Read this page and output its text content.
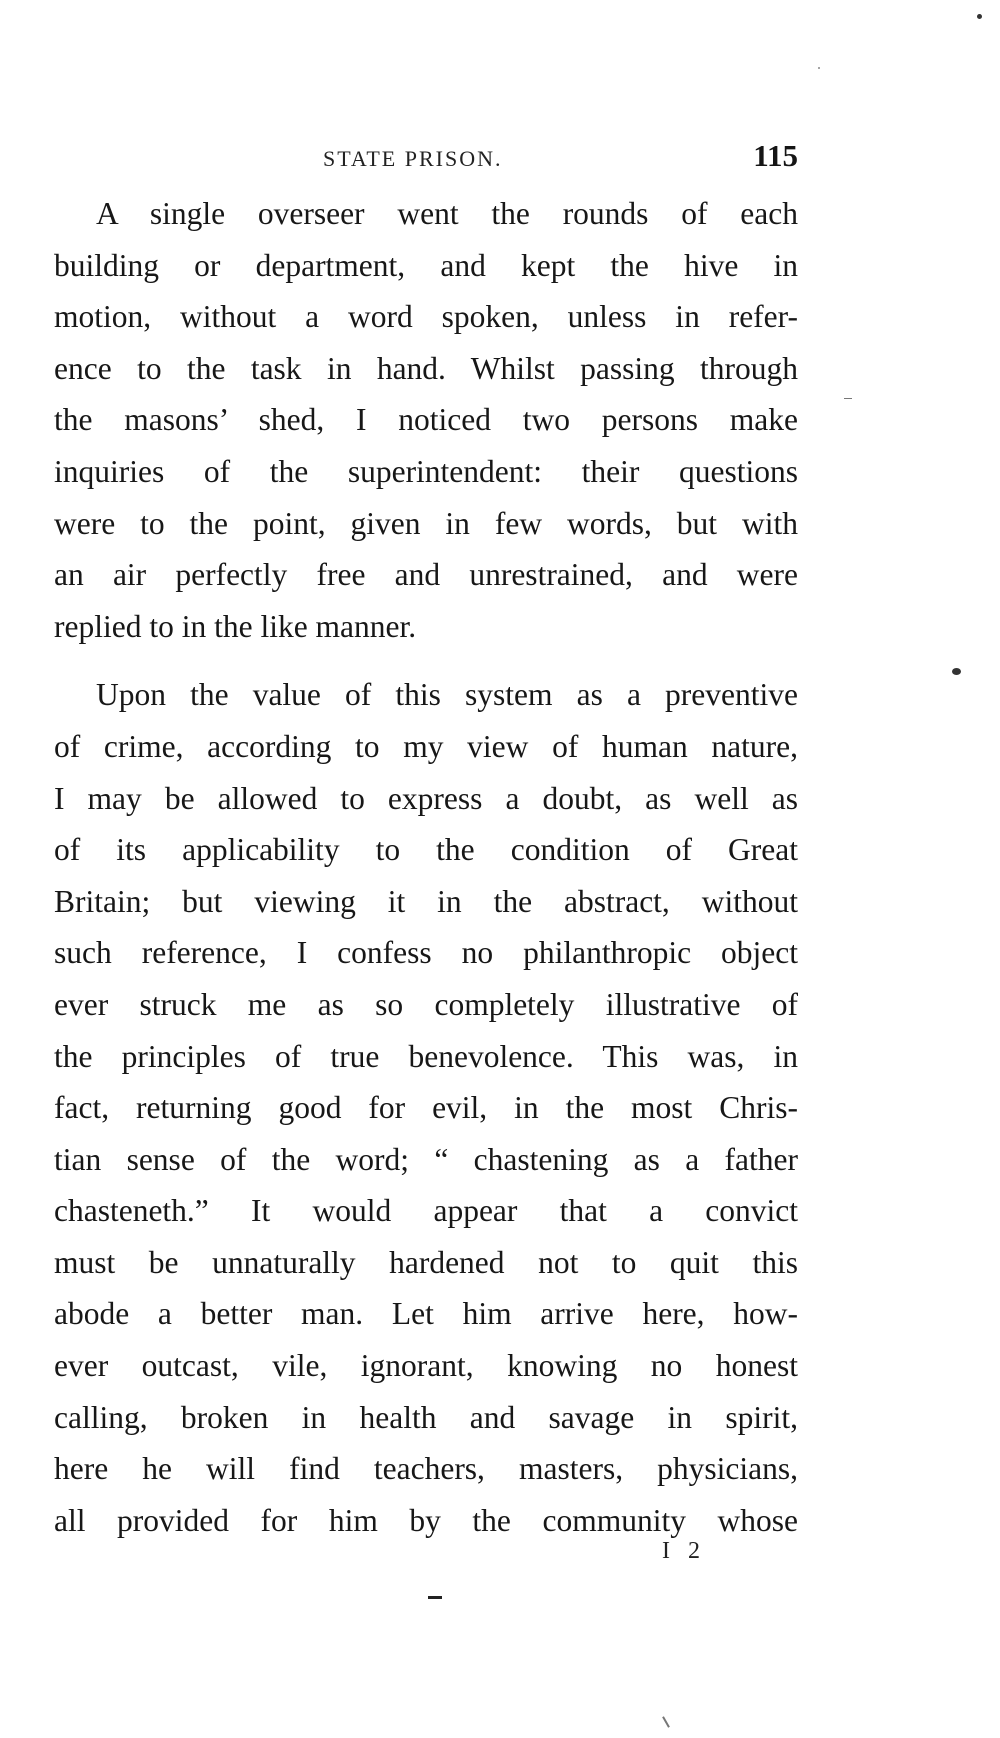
STATE PRISON.	115
A single overseer went the rounds of each
building or department, and kept the hive in
motion, without a word spoken, unless in refer-
ence to the task in hand. Whilst passing through
the masons’ shed, I noticed two persons make
inquiries of the superintendent: their questions
were to the point, given in few words, but with
an air perfectly free and unrestrained, and were
replied to in the like manner.
Upon the value of this system as a preventive
of crime, according to my view of human nature,
I may be allowed to express a doubt, as well as
of its applicability to the condition of Great
Britain; but viewing it in the abstract, without
such reference, I confess no philanthropic object
ever struck me as so completely illustrative of
the principles of true benevolence. This was, in
fact, returning good for evil, in the most Chris-
tian sense of the word; “ chastening as a father
chasteneth.” It would appear that a convict
must be unnaturally hardened not to quit this
abode a better man. Let him arrive here, how-
ever outcast, vile, ignorant, knowing no honest
calling, broken in health and savage in spirit,
here he will find teachers, masters, physicians,
all provided for him by the community whose
I 2
